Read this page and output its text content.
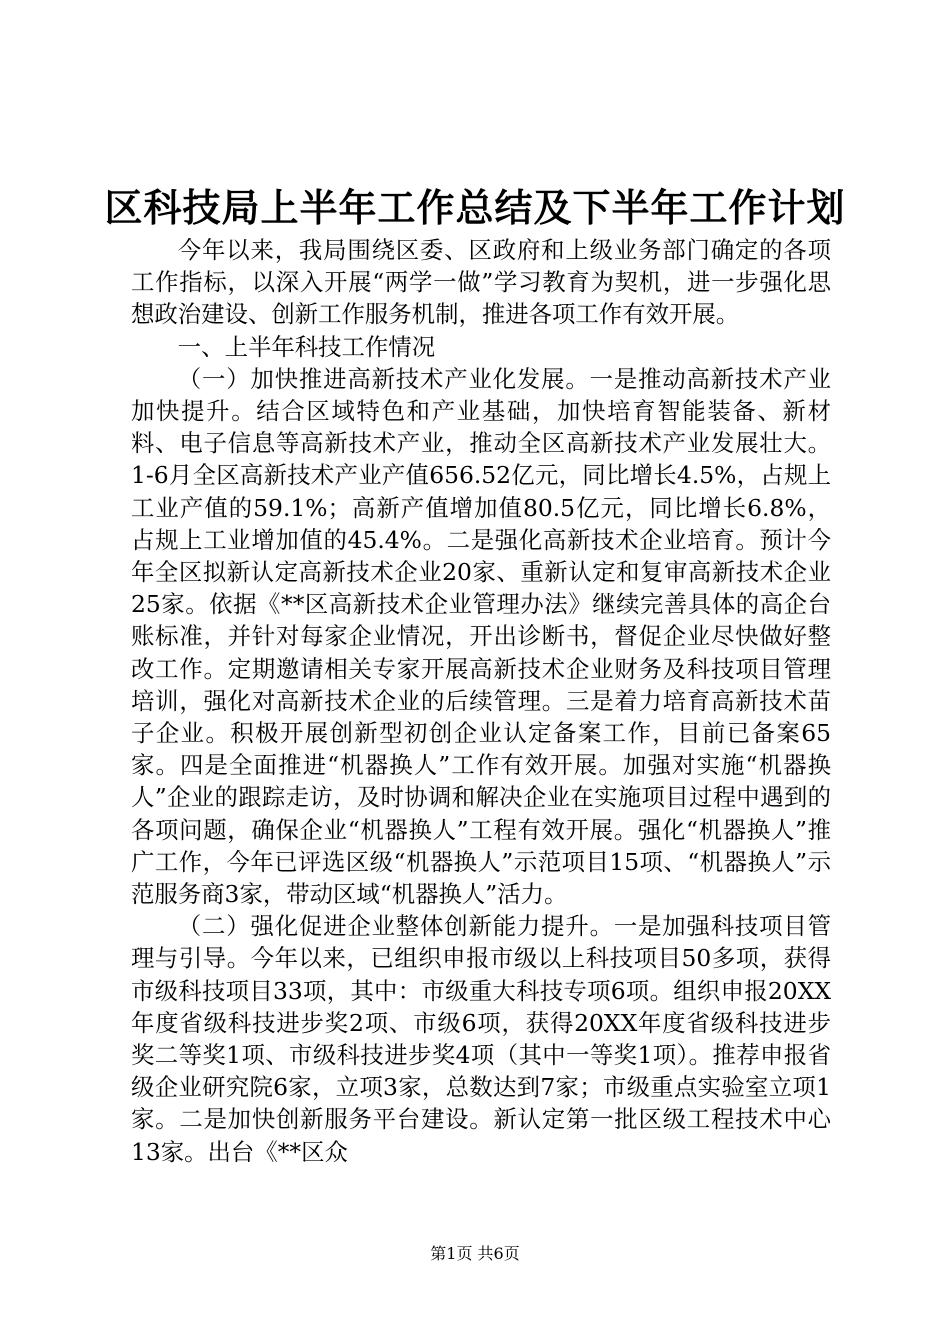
区科技局上半年工作总结及下半年工作计划

今年以来，我局围绕区委、区政府和上级业务部门确定的各项工作指标，以深入开展“两学一做”学习教育为契机，进一步强化思想政治建设、创新工作服务机制，推进各项工作有效开展。

一、上半年科技工作情况

（一）加快推进高新技术产业化发展。一是推动高新技术产业加快提升。结合区域特色和产业基础，加快培育智能装备、新材料、电子信息等高新技术产业，推动全区高新技术产业发展壮大。1-6月全区高新技术产业产值656.52亿元，同比增长4.5%，占规上工业产值的59.1%；高新产值增加值80.5亿元，同比增长6.8%，占规上工业增加值的45.4%。二是强化高新技术企业培育。预计今年全区拟新认定高新技术企业20家、重新认定和复审高新技术企业25家。依据《**区高新技术企业管理办法》继续完善具体的高企台账标准，并针对每家企业情况，开出诊断书，督促企业尽快做好整改工作。定期邀请相关专家开展高新技术企业财务及科技项目管理培训，强化对高新技术企业的后续管理。三是着力培育高新技术苗子企业。积极开展创新型初创企业认定备案工作，目前已备案65家。四是全面推进“机器换人”工作有效开展。加强对实施“机器换人”企业的跟踪走访，及时协调和解决企业在实施项目过程中遇到的各项问题，确保企业“机器换人”工程有效开展。强化“机器换人”推广工作，今年已评选区级“机器换人”示范项目15项、“机器换人”示范服务商3家，带动区域“机器换人”活力。

（二）强化促进企业整体创新能力提升。一是加强科技项目管理与引导。今年以来，已组织申报市级以上科技项目50多项，获得市级科技项目33项，其中：市级重大科技专项6项。组织申报20XX年度省级科技进步奖2项、市级6项，获得20XX年度省级科技进步奖二等奖1项、市级科技进步奖4项（其中一等奖1项）。推荐申报省级企业研究院6家，立项3家，总数达到7家；市级重点实验室立项1家。二是加快创新服务平台建设。新认定第一批区级工程技术中心13家。出台《**区众

第1页 共6页
